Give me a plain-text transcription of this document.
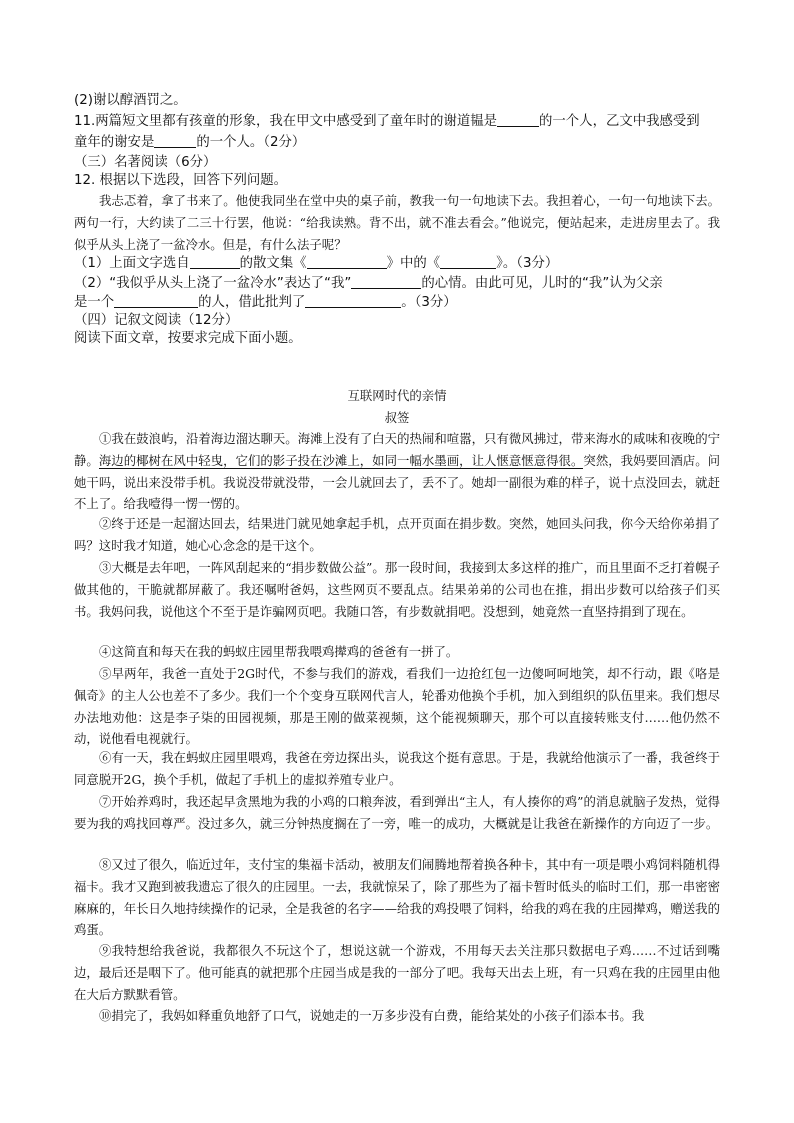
(2)谢以醇酒罚之。
11.两篇短文里都有孩童的形象，我在甲文中感受到了童年时的谢道韫是	的一个人，乙文中我感受到
童年的谢安是	的一个人。（2分）
（三）名著阅读（6分）
12. 根据以下选段，回答下列问题。
我忐忑着，拿了书来了。他使我同坐在堂中央的桌子前，教我一句一句地读下去。我担着心，一句一句地读下去。两句一行，大约读了二三十行罢，他说：“给我读熟。背不出，就不准去看会。”他说完，便站起来，走进房里去了。我似乎从头上浇了一盆冷水。但是，有什么法子呢？
（1）上面文字选自	的散文集《	》中的《	》。（3分）
（2）“我似乎从头上浇了一盆冷水”表达了“我”	的心情。由此可见，儿时的“我”认为父亲
是一个	的人，借此批判了	。（3分）
（四）记叙文阅读（12分）
阅读下面文章，按要求完成下面小题。
互联网时代的亲情
叔签
①我在鼓浪屿，沿着海边溜达聊天。海滩上没有了白天的热闹和喧嚣，只有微风拂过，带来海水的咸味和夜晚的宁静。海边的椰树在风中轻曳，它们的影子投在沙滩上，如同一幅水墨画，让人惬意惬意得很。突然，我妈要回酒店。问她干吗，说出来没带手机。我说没带就没带，一会儿就回去了，丢不了。她却一副很为难的样子，说十点没回去，就赶不上了。给我噎得一愣一愣的。
②终于还是一起溜达回去，结果进门就见她拿起手机，点开页面在捐步数。突然，她回头问我，你今天给你弟捐了吗？这时我才知道，她心心念念的是干这个。
③大概是去年吧，一阵风刮起来的“捐步数做公益”。那一段时间，我接到太多这样的推广，而且里面不乏打着幌子做其他的，干脆就都屏蔽了。我还嘱咐爸妈，这些网页不要乱点。结果弟弟的公司也在推，捐出步数可以给孩子们买书。我妈问我，说他这个不至于是诈骗网页吧。我随口答，有步数就捐吧。没想到，她竟然一直坚持捐到了现在。
④这简直和每天在我的蚂蚁庄园里帮我喂鸡撵鸡的爸爸有一拼了。
⑤早两年，我爸一直处于2G时代，不参与我们的游戏，看我们一边抢红包一边傻呵呵地笑，却不行动，跟《咯是佩奇》的主人公也差不了多少。我们一个个变身互联网代言人，轮番劝他换个手机，加入到组织的队伍里来。我们想尽办法地劝他：这是李子柒的田园视频，那是王刚的做菜视频，这个能视频聊天，那个可以直接转账支付……他仍然不动，说他看电视就行。
⑥有一天，我在蚂蚁庄园里喂鸡，我爸在旁边探出头，说我这个挺有意思。于是，我就给他演示了一番，我爸终于同意脱开2G，换个手机，做起了手机上的虚拟养殖专业户。
⑦开始养鸡时，我还起早贪黑地为我的小鸡的口粮奔波，看到弹出“主人，有人揍你的鸡”的消息就脑子发热，觉得要为我的鸡找回尊严。没过多久，就三分钟热度搁在了一旁，唯一的成功，大概就是让我爸在新操作的方向迈了一步。
⑧又过了很久，临近过年，支付宝的集福卡活动，被朋友们闹腾地帮着换各种卡，其中有一项是喂小鸡饲料随机得福卡。我才又跑到被我遗忘了很久的庄园里。一去，我就惊呆了，除了那些为了福卡暂时低头的临时工们，那一串密密麻麻的，年长日久地持续操作的记录，全是我爸的名字——给我的鸡投喂了饲料，给我的鸡在我的庄园撵鸡，赠送我的鸡蛋。
⑨我特想给我爸说，我都很久不玩这个了，想说这就一个游戏，不用每天去关注那只数据电子鸡……不过话到嘴边，最后还是咽下了。他可能真的就把那个庄园当成是我的一部分了吧。我每天出去上班，有一只鸡在我的庄园里由他在大后方默默看管。
⑩捐完了，我妈如释重负地舒了口气，说她走的一万多步没有白费，能给某处的小孩子们添本书。我
